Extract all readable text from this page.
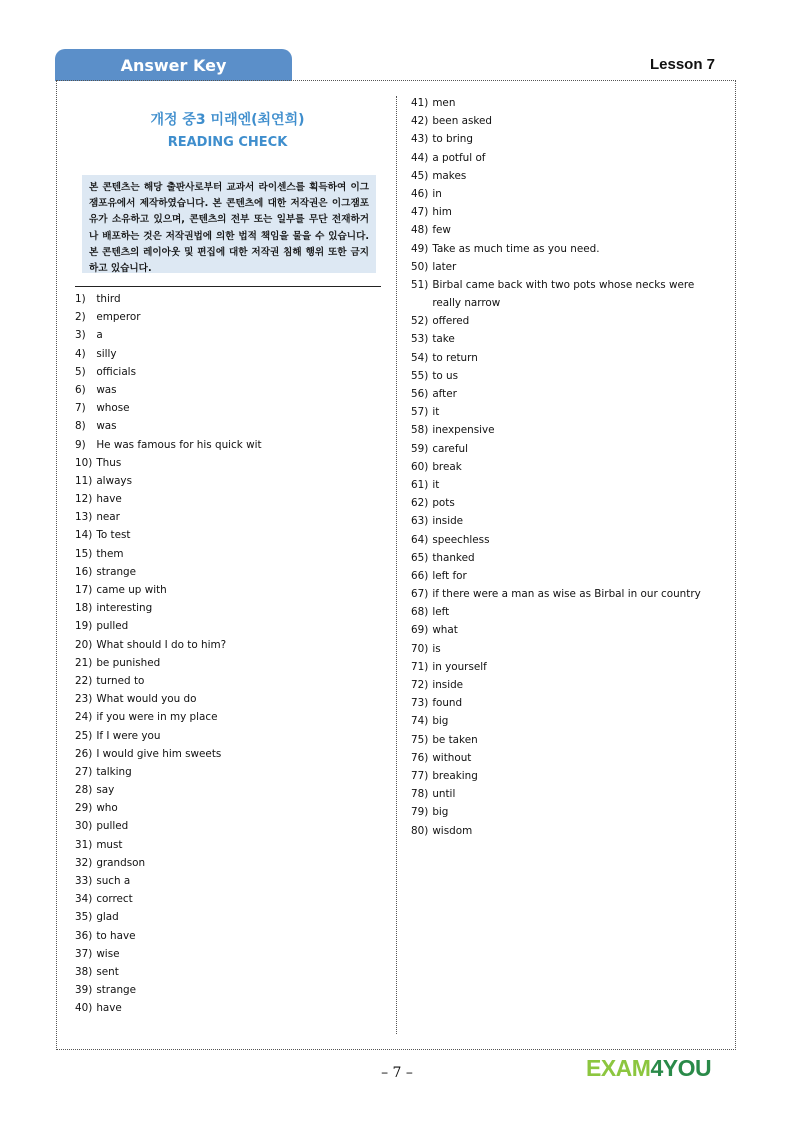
Answer Key	Lesson 7
개정 중3 미래엔(최연희)
READING CHECK
본 콘텐츠는 해당 출판사로부터 교과서 라이센스를 획득하여 이그잼포유에서 제작하였습니다. 본 콘텐츠에 대한 저작권은 이그잼포유가 소유하고 있으며, 콘텐츠의 전부 또는 일부를 무단 전재하거나 배포하는 것은 저작권법에 의한 법적 책임을 물을 수 있습니다. 본 콘텐츠의 레이아웃 및 편집에 대한 저작권 침해 행위 또한 금지하고 있습니다.
1) third
2) emperor
3) a
4) silly
5) officials
6) was
7) whose
8) was
9) He was famous for his quick wit
10) Thus
11) always
12) have
13) near
14) To test
15) them
16) strange
17) came up with
18) interesting
19) pulled
20) What should I do to him?
21) be punished
22) turned to
23) What would you do
24) if you were in my place
25) If I were you
26) I would give him sweets
27) talking
28) say
29) who
30) pulled
31) must
32) grandson
33) such a
34) correct
35) glad
36) to have
37) wise
38) sent
39) strange
40) have
41) men
42) been asked
43) to bring
44) a potful of
45) makes
46) in
47) him
48) few
49) Take as much time as you need.
50) later
51) Birbal came back with two pots whose necks were really narrow
52) offered
53) take
54) to return
55) to us
56) after
57) it
58) inexpensive
59) careful
60) break
61) it
62) pots
63) inside
64) speechless
65) thanked
66) left for
67) if there were a man as wise as Birbal in our country
68) left
69) what
70) is
71) in yourself
72) inside
73) found
74) big
75) be taken
76) without
77) breaking
78) until
79) big
80) wisdom
– 7 –	EXAM4YOU
